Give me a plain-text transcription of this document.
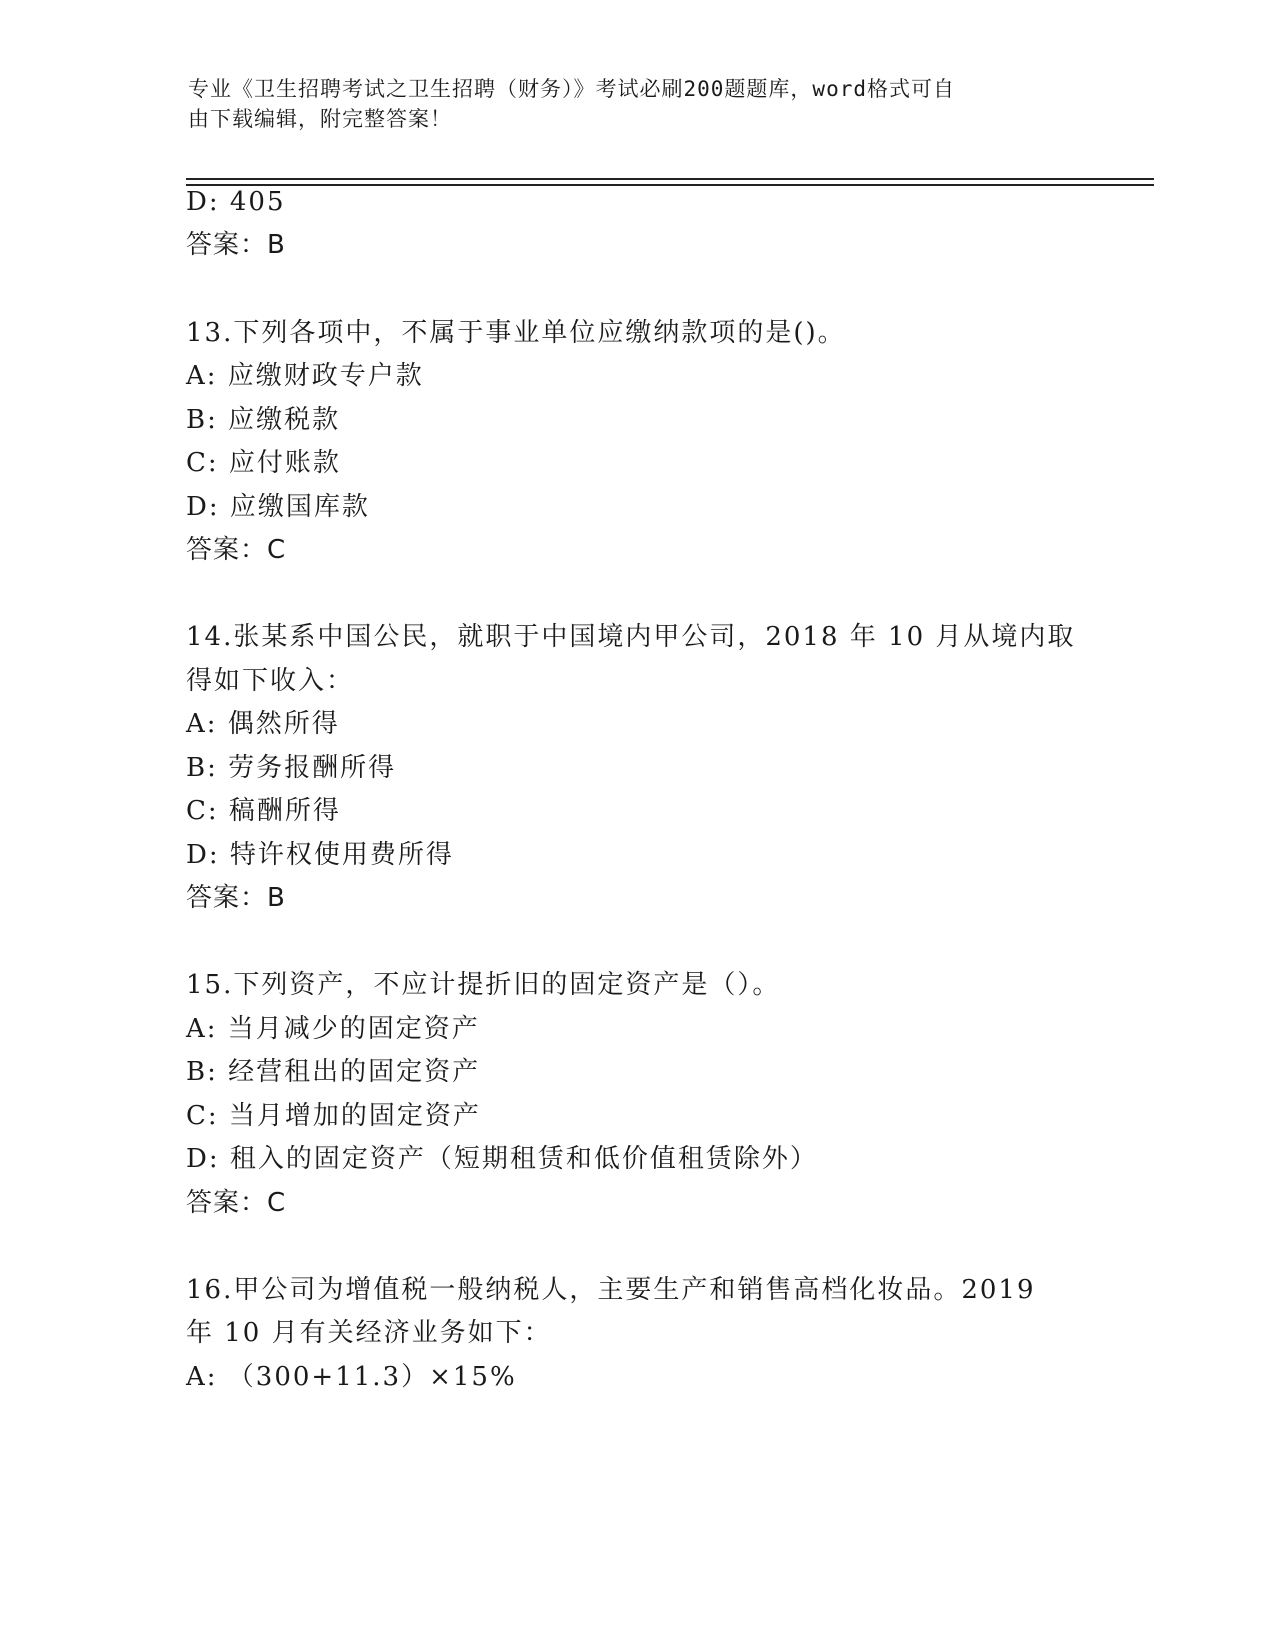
专业《卫生招聘考试之卫生招聘（财务）》考试必刷200题题库，word格式可自
由下载编辑，附完整答案！
D: 405
答案：B
13.下列各项中，不属于事业单位应缴纳款项的是()。
A: 应缴财政专户款
B: 应缴税款
C: 应付账款
D: 应缴国库款
答案：C
14.张某系中国公民，就职于中国境内甲公司，2018 年 10 月从境内取
得如下收入：
A: 偶然所得
B: 劳务报酬所得
C: 稿酬所得
D: 特许权使用费所得
答案：B
15.下列资产，不应计提折旧的固定资产是（）。
A: 当月减少的固定资产
B: 经营租出的固定资产
C: 当月增加的固定资产
D: 租入的固定资产（短期租赁和低价值租赁除外）
答案：C
16.甲公司为增值税一般纳税人，主要生产和销售高档化妆品。2019
年 10 月有关经济业务如下：
A: （300+11.3）×15%
